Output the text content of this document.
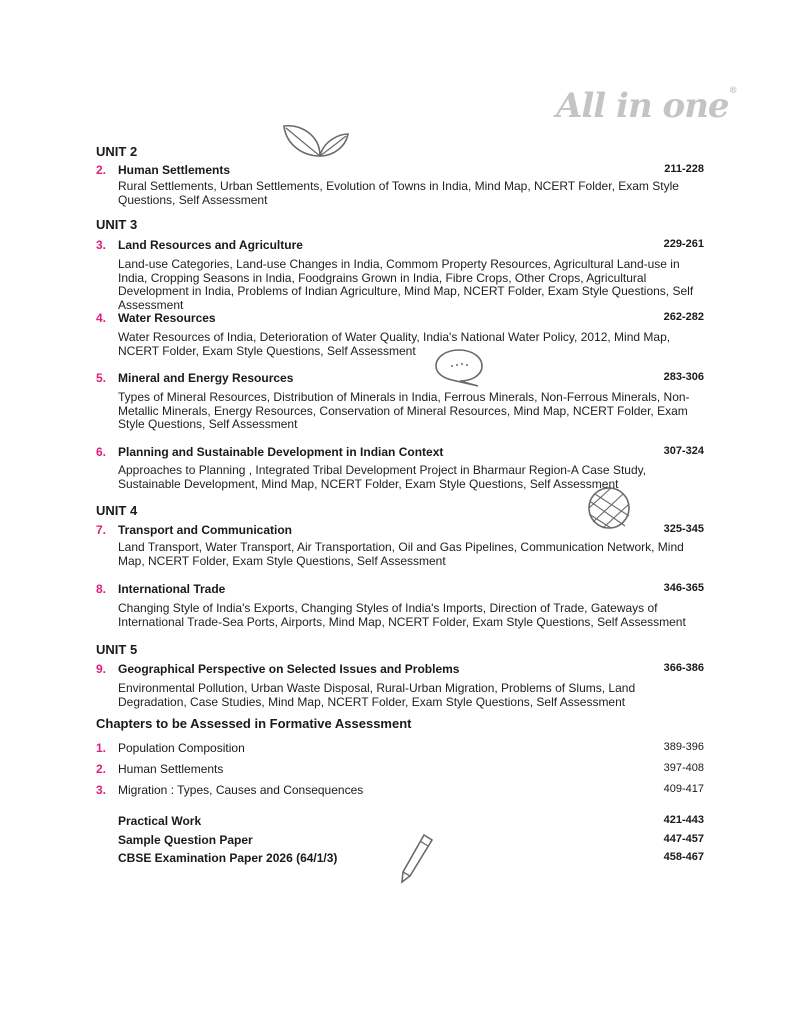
All in one®
UNIT 2
2. Human Settlements	211-228
Rural Settlements, Urban Settlements, Evolution of Towns in India, Mind Map, NCERT Folder, Exam Style Questions, Self Assessment
UNIT 3
3. Land Resources and Agriculture	229-261
Land-use Categories, Land-use Changes in India, Commom Property Resources, Agricultural Land-use in India, Cropping Seasons in India, Foodgrains Grown in India, Fibre Crops, Other Crops, Agricultural Development in India, Problems of Indian Agriculture, Mind Map, NCERT Folder, Exam Style Questions, Self Assessment
4. Water Resources	262-282
Water Resources of India, Deterioration of Water Quality, India's National Water Policy, 2012, Mind Map, NCERT Folder, Exam Style Questions, Self Assessment
5. Mineral and Energy Resources	283-306
Types of Mineral Resources, Distribution of Minerals in India, Ferrous Minerals, Non-Ferrous Minerals, Non-Metallic Minerals, Energy Resources, Conservation of Mineral Resources, Mind Map, NCERT Folder, Exam Style Questions, Self Assessment
6. Planning and Sustainable Development in Indian Context	307-324
Approaches to Planning , Integrated Tribal Development Project in Bharmaur Region-A Case Study, Sustainable Development, Mind Map, NCERT Folder, Exam Style Questions, Self Assessment
UNIT 4
7. Transport and Communication	325-345
Land Transport, Water Transport, Air Transportation, Oil and Gas Pipelines, Communication Network, Mind Map, NCERT Folder, Exam Style Questions, Self Assessment
8. International Trade	346-365
Changing Style of India's Exports, Changing Styles of India's Imports, Direction of Trade, Gateways of International Trade-Sea Ports, Airports, Mind Map, NCERT Folder, Exam Style Questions, Self Assessment
UNIT 5
9. Geographical Perspective on Selected Issues and Problems	366-386
Environmental Pollution, Urban Waste Disposal, Rural-Urban Migration, Problems of Slums, Land Degradation, Case Studies, Mind Map, NCERT Folder, Exam Style Questions, Self Assessment
Chapters to be Assessed in Formative Assessment
1. Population Composition	389-396
2. Human Settlements	397-408
3. Migration : Types, Causes and Consequences	409-417
Practical Work	421-443
Sample Question Paper	447-457
CBSE Examination Paper 2026 (64/1/3)	458-467
